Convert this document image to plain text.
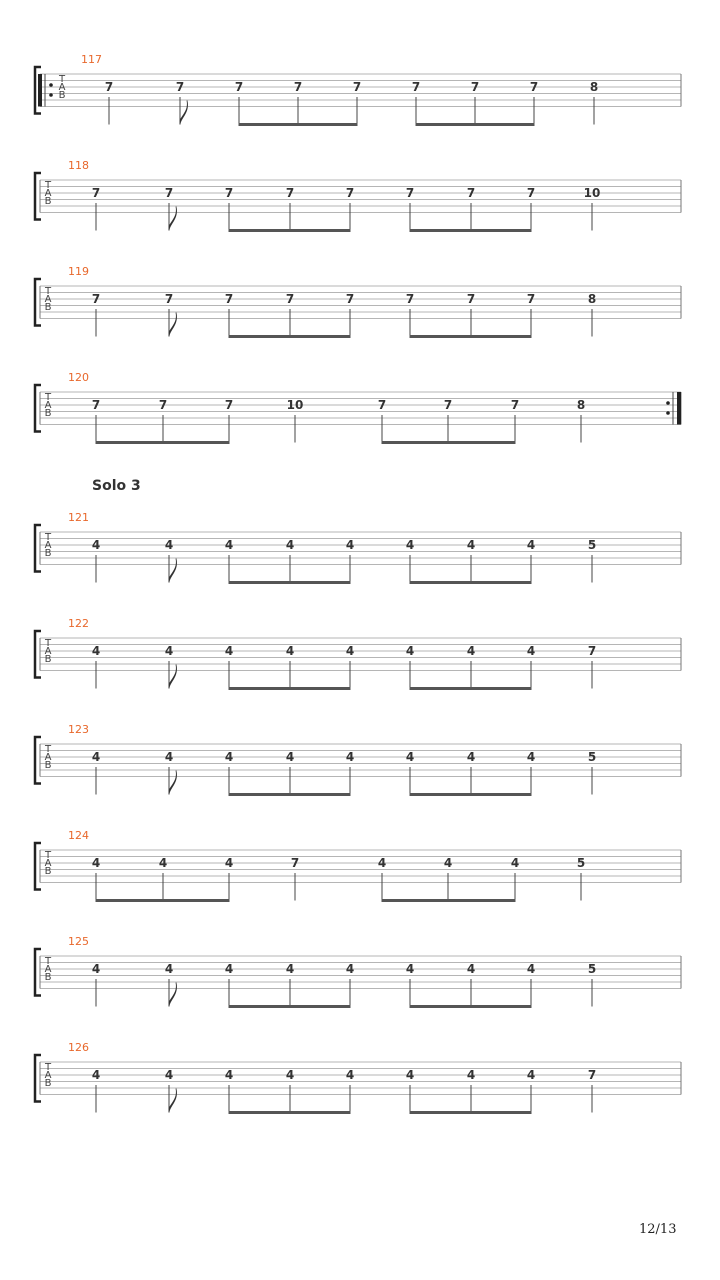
Solo 3
117
T
A
B
7	7	7	7	7	7	7	7	8
118
T
A
B
7	7	7	7	7	7	7	7	10
119
T
A
B
7	7	7	7	7	7	7	7	8
120
T
A
B
7	7	7	10	7	7	7	8
121
T
A
B
4	4	4	4	4	4	4	4	5
122
T
A
B
4	4	4	4	4	4	4	4	7
123
T
A
B
4	4	4	4	4	4	4	4	5
124
T
A
B
4	4	4	7	4	4	4	5
125
T
A
B
4	4	4	4	4	4	4	4	5
126
T
A
B
4	4	4	4	4	4	4	4	7
12/13
